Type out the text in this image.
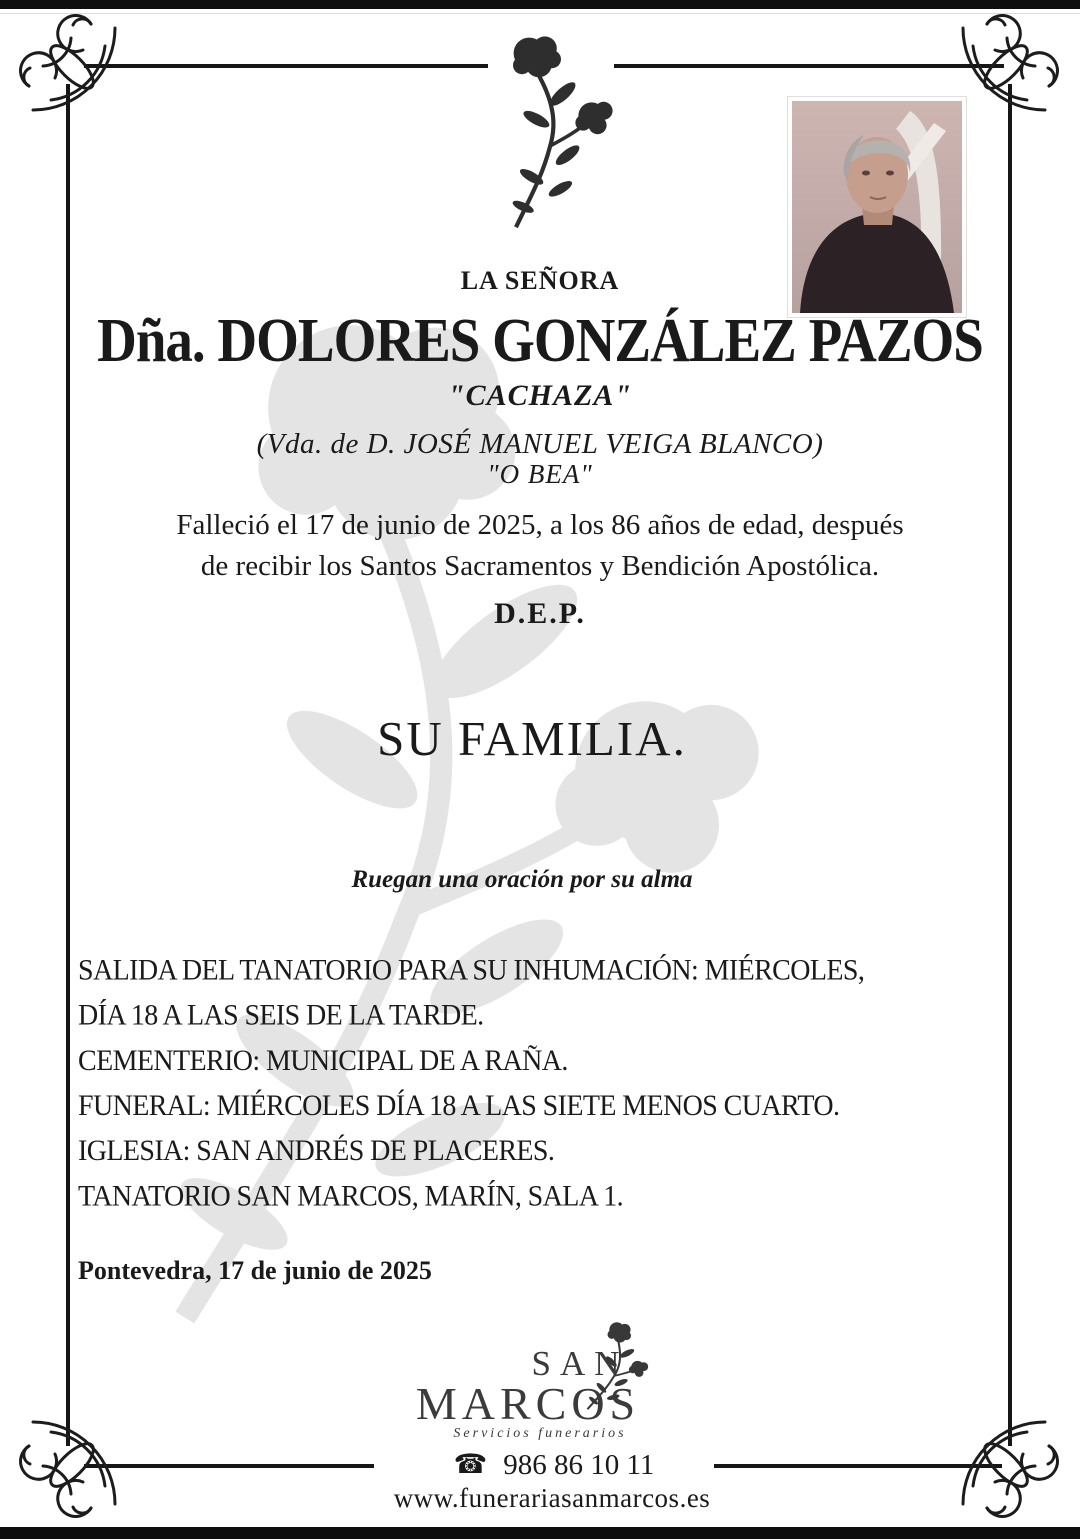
LA SEÑORA
Dña. DOLORES GONZÁLEZ PAZOS
"CACHAZA"
(Vda. de D. JOSÉ MANUEL VEIGA BLANCO)
"O BEA"
Falleció el 17 de junio de 2025, a los 86 años de edad, después
de recibir los Santos Sacramentos y Bendición Apostólica.
D.E.P.
SU FAMILIA.
Ruegan una oración por su alma
SALIDA DEL TANATORIO PARA SU INHUMACIÓN: MIÉRCOLES,
DÍA 18 A LAS SEIS DE LA TARDE.
CEMENTERIO: MUNICIPAL DE A RAÑA.
FUNERAL: MIÉRCOLES DÍA 18 A LAS SIETE MENOS CUARTO.
IGLESIA: SAN ANDRÉS DE PLACERES.
TANATORIO SAN MARCOS, MARÍN, SALA 1.
Pontevedra, 17 de junio de 2025
SAN
MARCOS
Servicios funerarios
☎ 986 86 10 11
www.funerariasanmarcos.es
